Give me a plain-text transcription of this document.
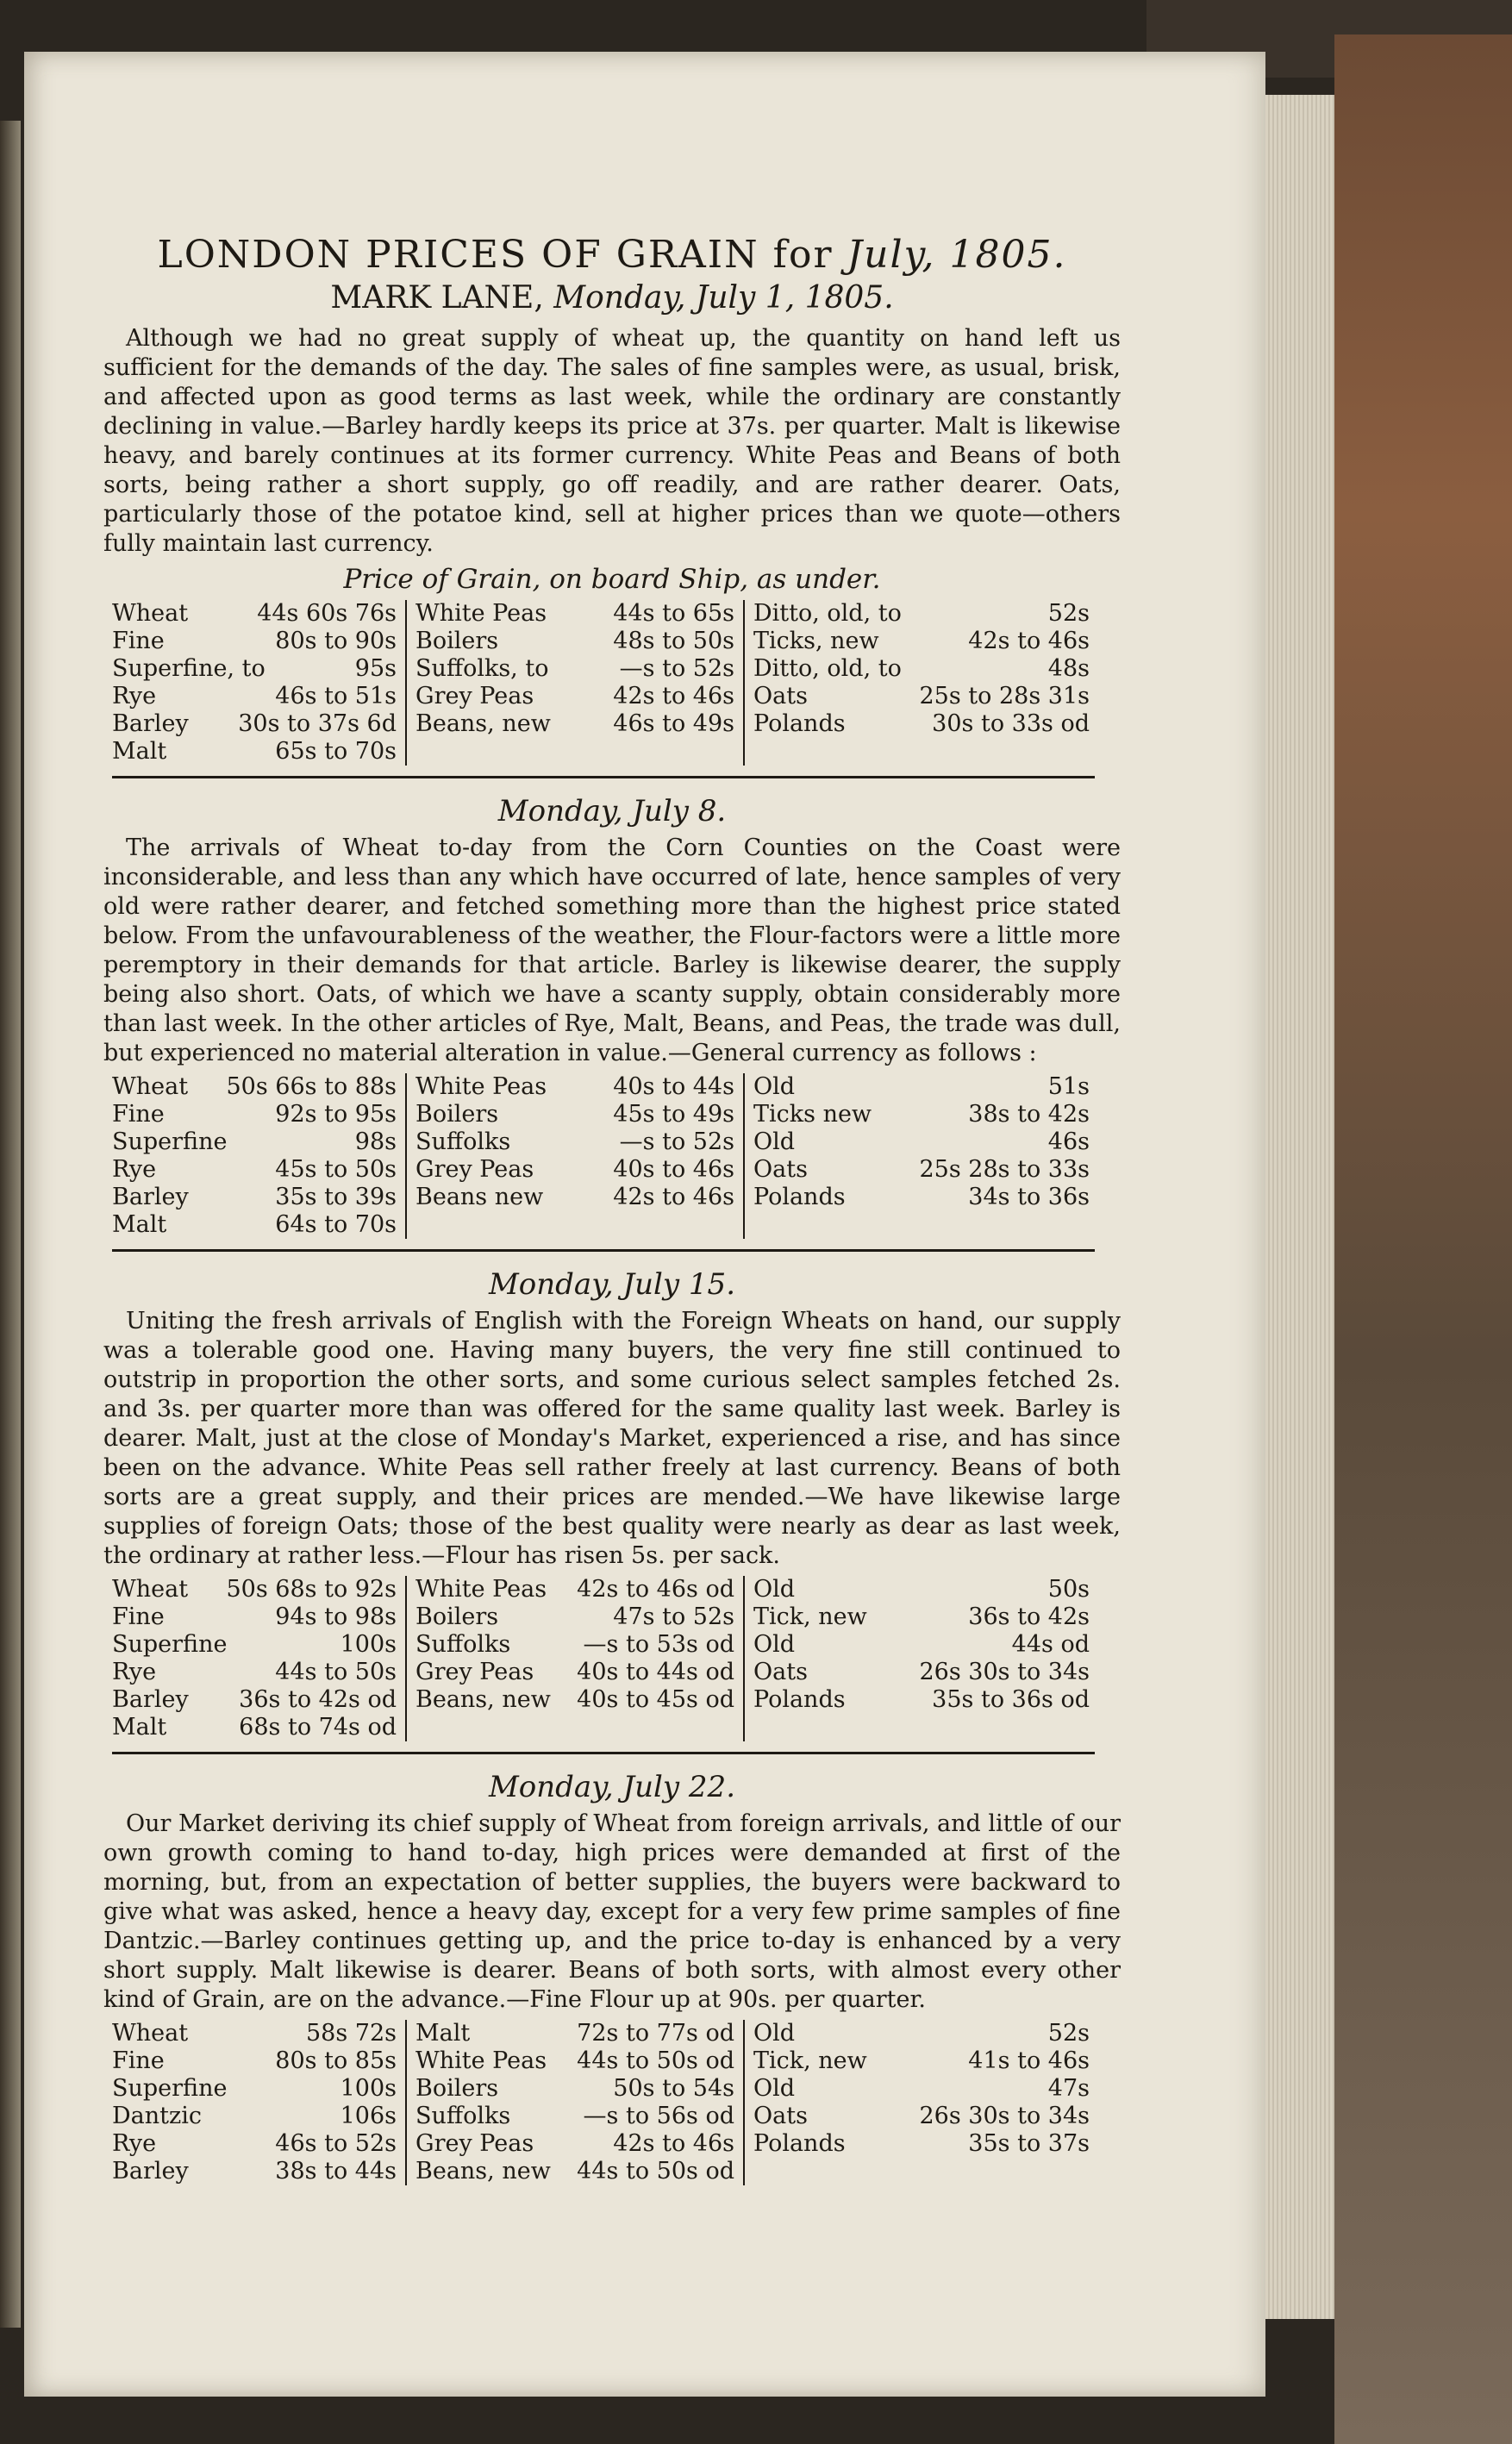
LONDON PRICES OF GRAIN for July, 1805.
MARK LANE, Monday, July 1, 1805.

Although we had no great supply of wheat up, the quantity on hand left us sufficient for the demands of the day. The sales of fine samples were, as usual, brisk, and affected upon as good terms as last week, while the ordinary are constantly declining in value.—Barley hardly keeps its price at 37s. per quarter. Malt is likewise heavy, and barely continues at its former currency. White Peas and Beans of both sorts, being rather a short supply, go off readily, and are rather dearer. Oats, particularly those of the potatoe kind, sell at higher prices than we quote—others fully maintain last currency.

Price of Grain, on board Ship, as under.
Wheat	44s 60s 76s
Fine	80s to 90s
Superfine, to	95s
Rye	46s to 51s
Barley 30s to 37s 6d
Malt	65s to 70s
White Peas	44s to 65s
Boilers	48s to 50s
Suffolks, to	—s to 52s
Grey Peas	42s to 46s
Beans, new	46s to 49s
Ditto, old, to	52s
Ticks, new	42s to 46s
Ditto, old, to	48s
Oats	25s to 28s 31s
Polands	30s to 33s od
Monday, July 8.

The arrivals of Wheat to-day from the Corn Counties on the Coast were inconsiderable, and less than any which have occurred of late, hence samples of very old were rather dearer, and fetched something more than the highest price stated below. From the unfavourableness of the weather, the Flour-factors were a little more peremptory in their demands for that article. Barley is likewise dearer, the supply being also short. Oats, of which we have a scanty supply, obtain considerably more than last week. In the other articles of Rye, Malt, Beans, and Peas, the trade was dull, but experienced no material alteration in value.—General currency as follows :

Wheat 50s 66s to 88s
Fine	92s to 95s
Superfine	98s
Rye	45s to 50s
Barley	35s to 39s
Malt	64s to 70s
White Peas	40s to 44s
Boilers	45s to 49s
Suffolks	—s to 52s
Grey Peas	40s to 46s
Beans new	42s to 46s
Old	51s
Ticks new	38s to 42s
Old	46s
Oats	25s 28s to 33s
Polands	34s to 36s
Monday, July 15.

Uniting the fresh arrivals of English with the Foreign Wheats on hand, our supply was a tolerable good one. Having many buyers, the very fine still continued to outstrip in proportion the other sorts, and some curious select samples fetched 2s. and 3s. per quarter more than was offered for the same quality last week. Barley is dearer. Malt, just at the close of Monday's Market, experienced a rise, and has since been on the advance. White Peas sell rather freely at last currency. Beans of both sorts are a great supply, and their prices are mended.—We have likewise large supplies of foreign Oats; those of the best quality were nearly as dear as last week, the ordinary at rather less.—Flour has risen 5s. per sack.

Wheat 50s 68s to 92s
Fine	94s to 98s
Superfine	100s
Rye	44s to 50s
Barley 36s to 42s od
Malt	68s to 74s od
White Peas 42s to 46s od
Boilers	47s to 52s
Suffolks	—s to 53s od
Grey Peas 40s to 44s od
Beans, new 40s to 45s od
Old	50s
Tick, new	36s to 42s
Old	44s od
Oats	26s 30s to 34s
Polands	35s to 36s od
Monday, July 22.

Our Market deriving its chief supply of Wheat from foreign arrivals, and little of our own growth coming to hand to-day, high prices were demanded at first of the morning, but, from an expectation of better supplies, the buyers were backward to give what was asked, hence a heavy day, except for a very few prime samples of fine Dantzic.—Barley continues getting up, and the price to-day is enhanced by a very short supply. Malt likewise is dearer. Beans of both sorts, with almost every other kind of Grain, are on the advance.—Fine Flour up at 90s. per quarter.

Wheat	58s 72s
Fine	80s to 85s
Superfine	100s
Dantzic	106s
Rye	46s to 52s
Barley	38s to 44s
Malt	72s to 77s od
White Peas 44s to 50s od
Boilers	50s to 54s
Suffolks	—s to 56s od
Grey Peas	42s to 46s
Beans, new 44s to 50s od
Old	52s
Tick, new	41s to 46s
Old	47s
Oats	26s 30s to 34s
Polands	35s to 37s
